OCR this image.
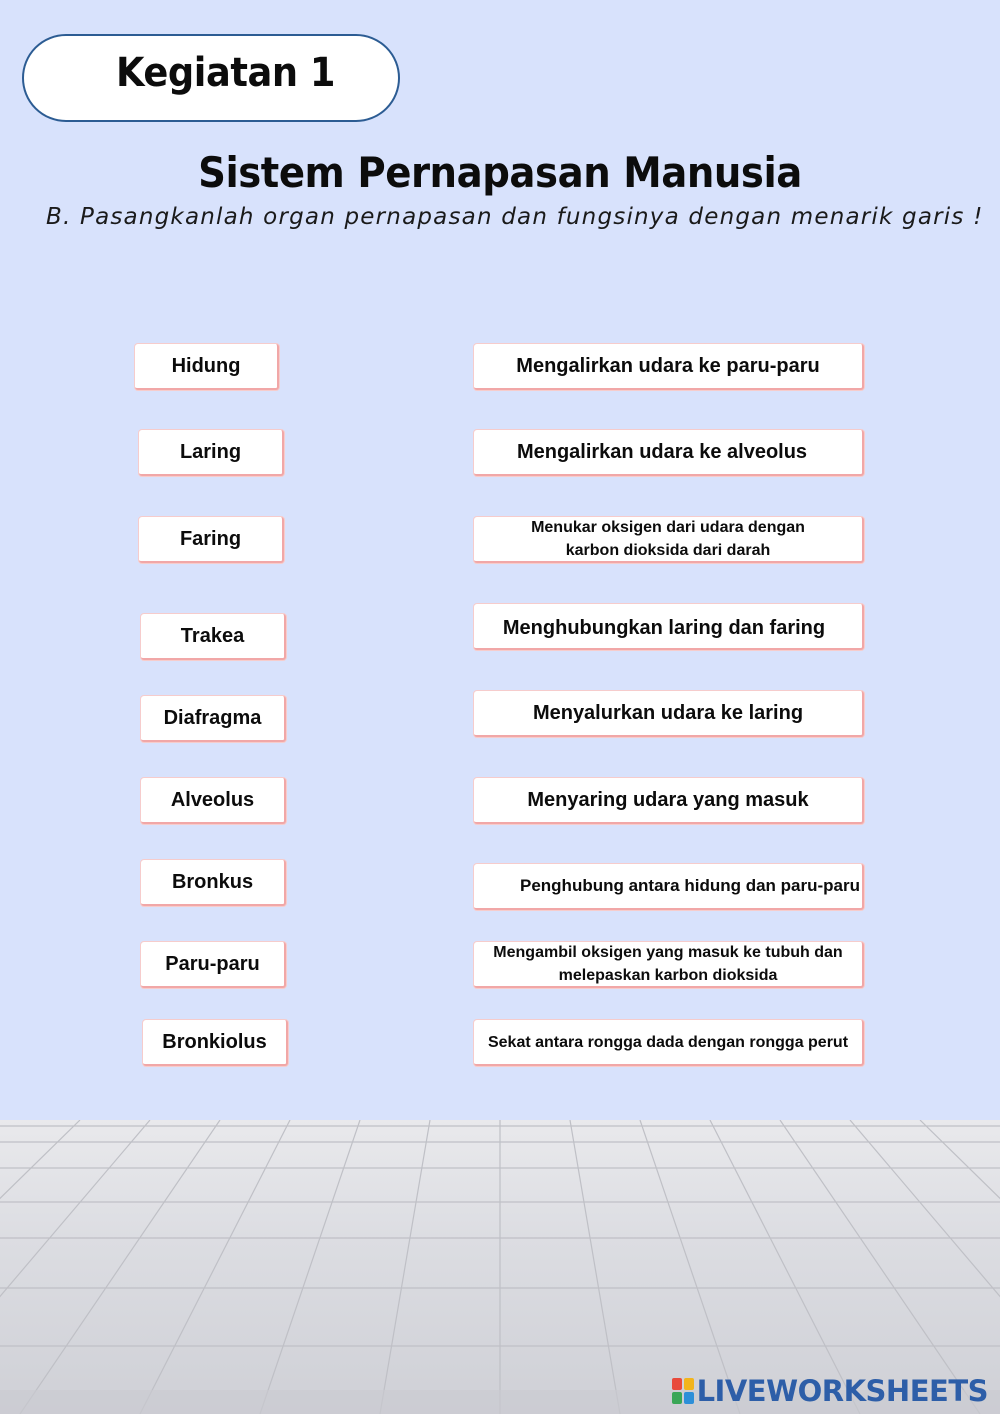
Kegiatan 1
Sistem Pernapasan Manusia
B. Pasangkanlah organ pernapasan dan fungsinya dengan menarik garis !
Hidung
Laring
Faring
Trakea
Diafragma
Alveolus
Bronkus
Paru-paru
Bronkiolus
Mengalirkan udara ke paru-paru
Mengalirkan udara ke alveolus
Menukar oksigen dari udara dengan karbon dioksida dari darah
Menghubungkan laring dan faring
Menyalurkan udara ke laring
Menyaring udara yang masuk
Penghubung antara hidung dan paru-paru
Mengambil oksigen yang masuk ke tubuh dan melepaskan karbon dioksida
Sekat antara rongga dada dengan rongga perut
LIVEWORKSHEETS
